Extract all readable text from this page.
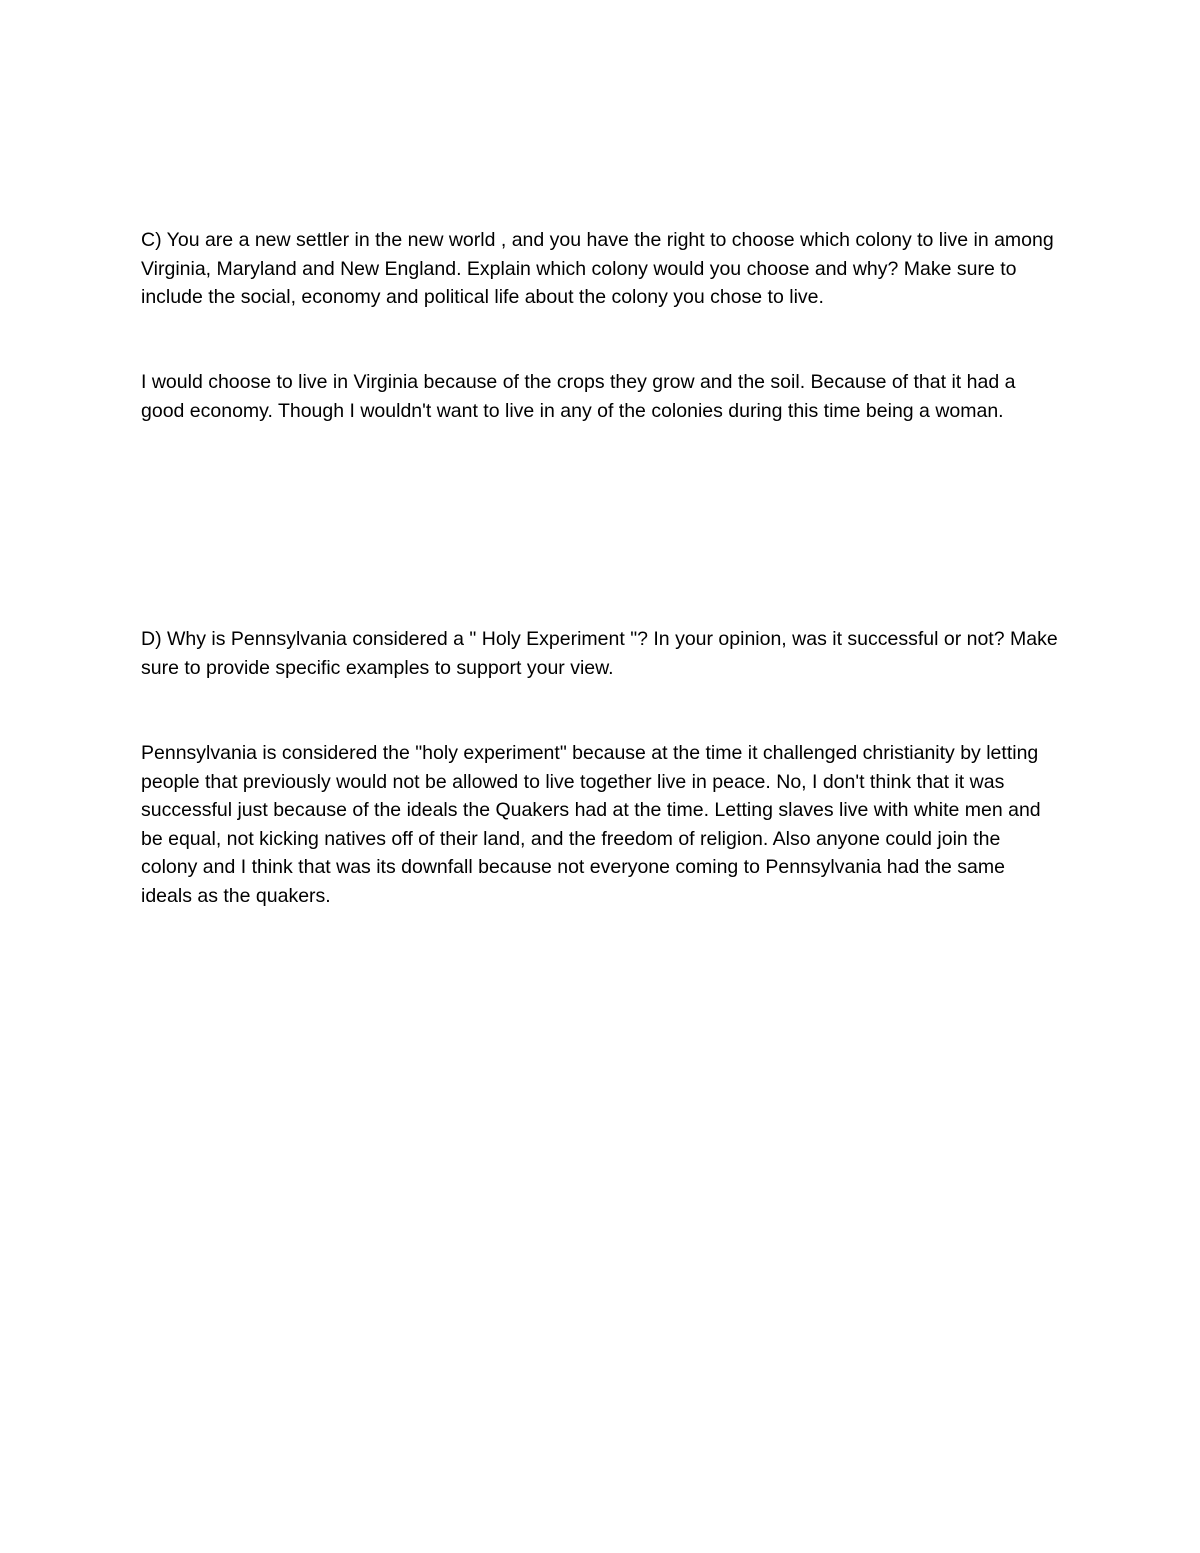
C) You are a new settler in the new world , and you have the right to choose which colony to live in among Virginia, Maryland and New England. Explain which colony would you choose and why? Make sure to include the social, economy and political life about the colony you chose to live.

I would choose to live in Virginia because of the crops they grow and the soil. Because of that it had a good economy. Though I wouldn't want to live in any of the colonies during this time being a woman.

D) Why is Pennsylvania considered a " Holy Experiment "? In your opinion, was it successful or not? Make sure to provide specific examples to support your view.

Pennsylvania is considered the "holy experiment" because at the time it challenged christianity by letting people that previously would not be allowed to live together live in peace. No, I don't think that it was successful just because of the ideals the Quakers had at the time. Letting slaves live with white men and be equal, not kicking natives off of their land, and the freedom of religion. Also anyone could join the colony and I think that was its downfall because not everyone coming to Pennsylvania had the same ideals as the quakers.
